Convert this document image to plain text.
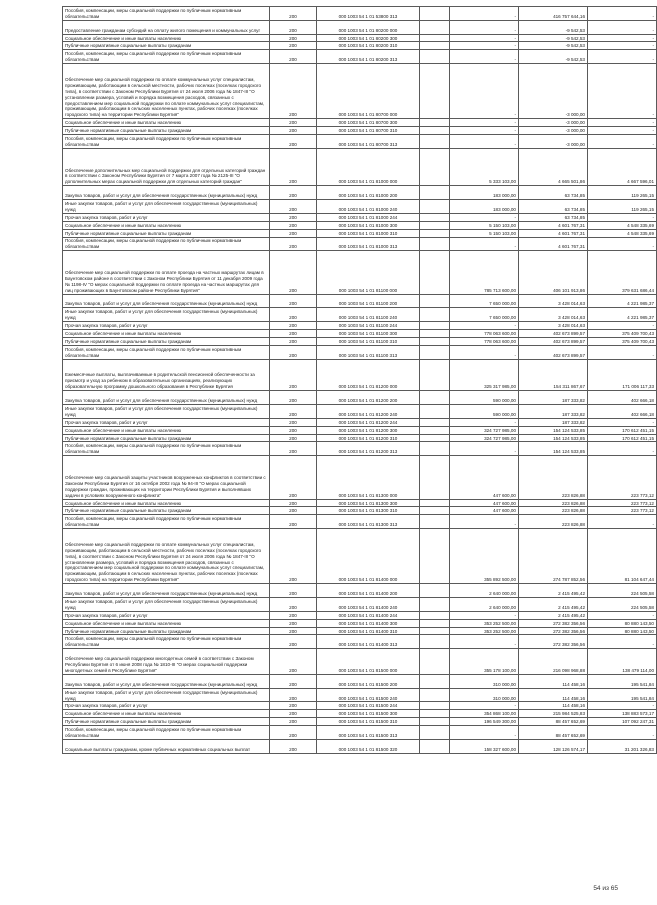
Пособия, компенсации, меры социальной поддержки по публичным нормативным обязательствам	200	000 1003 54 1 01 53800 313		-	416 757 644,16	-
Предоставление гражданам субсидий на оплату жилого помещения и коммунальных услуг	200	000 1003 54 1 01 80200 000		-	-9 542,53	-
Социальное обеспечение и иные выплаты населению	200	000 1003 54 1 01 80200 300		-	-9 542,53	-
Публичные нормативные социальные выплаты гражданам	200	000 1003 54 1 01 80200 310		-	-9 542,53	-
Пособия, компенсации, меры социальной поддержки по публичным нормативным обязательствам	200	000 1003 54 1 01 80200 313		-	-9 542,53	-
Обеспечение мер социальной поддержки по оплате коммунальных услуг специалистам, проживающим, работающим в сельской местности, рабочих поселках (поселках городского типа), в соответствии с Законом Республики Бурятия от 24 июля 2006 года № 1847-III "О установлении размера, условий и порядка возмещения расходов, связанных с предоставлением мер социальной поддержки по оплате коммунальных услуг специалистам, проживающим, работающим в сельских населенных пунктах, рабочих поселках (поселках городского типа) на территории Республики Бурятия"	200	000 1003 54 1 01 80700 000		-	-3 000,00	-
Социальное обеспечение и иные выплаты населению	200	000 1003 54 1 01 80700 300		-	-3 000,00	-
Публичные нормативные социальные выплаты гражданам	200	000 1003 54 1 01 80700 310		-	-3 000,00	-
Пособия, компенсации, меры социальной поддержки по публичным нормативным обязательствам	200	000 1003 54 1 01 80700 313		-	-3 000,00	-
Обеспечение дополнительных мер социальной поддержки для отдельных категорий граждан в соответствии с Законом Республики Бурятия от 7 марта 2007 года № 2125-III "О дополнительных мерах социальной поддержки для отдельных категорий граждан"	200	000 1003 54 1 01 81000 000		5 333 103,00	4 665 501,86	4 667 596,01
Закупка товаров, работ и услуг для обеспечения государственных (муниципальных) нужд	200	000 1003 54 1 01 81000 200		183 000,00	63 734,85	119 265,15
Иные закупки товаров, работ и услуг для обеспечения государственных (муниципальных) нужд	200	000 1003 54 1 01 81000 240		183 000,00	63 734,85	119 265,15
Прочая закупка товаров, работ и услуг	200	000 1003 54 1 01 81000 244		-	63 734,85	-
Социальное обеспечение и иные выплаты населению	200	000 1003 54 1 01 81000 300		5 150 103,00	4 601 767,31	4 548 335,69
Публичные нормативные социальные выплаты гражданам	200	000 1003 54 1 01 81000 310		5 150 103,00	4 601 767,31	4 548 335,69
Пособия, компенсации, меры социальной поддержки по публичным нормативным обязательствам	200	000 1003 54 1 01 81000 313		-	4 601 767,31	-
Обеспечение мер социальной поддержки по оплате проезда на частных маршрутах лицам в Баунтовском районе в соответствии с Законом Республики Бурятия от 11 декабря 2009 года № 1198-IV "О мерах социальной поддержки по оплате проезда на частных маршрутах для лиц проживающих в Баунтовском районе Республики Бурятия"	200	000 1003 54 1 01 81100 000		785 713 600,00	406 101 913,86	379 631 686,44
Закупка товаров, работ и услуг для обеспечения государственных (муниципальных) нужд	200	000 1003 54 1 01 81100 200		7 650 000,00	3 428 014,63	4 221 985,37
Иные закупки товаров, работ и услуг для обеспечения государственных (муниципальных) нужд	200	000 1003 54 1 01 81100 240		7 650 000,00	3 428 014,63	4 221 985,37
Прочая закупка товаров, работ и услуг	200	000 1003 54 1 01 81100 244		-	3 428 014,63	-
Социальное обеспечение и иные выплаты населению	200	000 1003 54 1 01 81100 300		778 063 600,00	402 673 899,57	375 409 700,43
Публичные нормативные социальные выплаты гражданам	200	000 1003 54 1 01 81100 310		778 063 600,00	402 673 899,57	375 409 700,43
Пособия, компенсации, меры социальной поддержки по публичным нормативным обязательствам	200	000 1003 54 1 01 81100 313		-	402 673 899,57	-
Ежемесячные выплаты, выплачиваемые в родительской пенсионной обеспеченности за присмотр и уход за ребенком в образовательных организациях, реализующих образовательную программу дошкольного образования в Республике Бурятия	200	000 1003 54 1 01 81200 000		325 317 985,00	154 311 867,67	171 006 117,33
Закупка товаров, работ и услуг для обеспечения государственных (муниципальных) нужд	200	000 1003 54 1 01 81200 200		590 000,00	187 333,82	402 666,18
Иные закупки товаров, работ и услуг для обеспечения государственных (муниципальных) нужд	200	000 1003 54 1 01 81200 240		590 000,00	187 333,82	402 666,18
Прочая закупка товаров, работ и услуг	200	000 1003 54 1 01 81200 244		-	187 333,82	-
Социальное обеспечение и иные выплаты населению	200	000 1003 54 1 01 81200 300		324 727 985,00	154 124 533,85	170 612 451,15
Публичные нормативные социальные выплаты гражданам	200	000 1003 54 1 01 81200 310		324 727 985,00	154 124 533,85	170 612 451,15
Пособия, компенсации, меры социальной поддержки по публичным нормативным обязательствам	200	000 1003 54 1 01 81200 313		-	154 124 533,85	-
Обеспечение мер социальной защиты участников вооруженных конфликтов в соответствии с Законом Республики Бурятия от 16 октября 2002 года № 94-III "О мерах социальной поддержки граждан, проживающих на территории Республики Бурятия и выполнявших задачи в условиях вооруженного конфликта"	200	000 1003 54 1 01 81300 000		447 600,00	223 826,88	223 773,12
Социальное обеспечение и иные выплаты населению	200	000 1003 54 1 01 81300 300		447 600,00	223 826,88	223 773,12
Публичные нормативные социальные выплаты гражданам	200	000 1003 54 1 01 81300 310		447 600,00	223 826,88	223 773,12
Пособия, компенсации, меры социальной поддержки по публичным нормативным обязательствам	200	000 1003 54 1 01 81300 313		-	223 826,88	-
Обеспечение мер социальной поддержки по оплате коммунальных услуг специалистам, проживающим, работающим в сельской местности, рабочих поселках (поселках городского типа), в соответствии с Законом Республики Бурятия от 24 июля 2006 года № 1847-III "О установлении размера, условий и порядка возмещения расходов, связанных с предоставлением мер социальной поддержки по оплате коммунальных услуг специалистам, проживающим, работающим в сельских населенных пунктах, рабочих поселках (поселках городского типа) на территории Республики Бурятия"	200	000 1003 54 1 01 81400 000		355 892 500,00	274 787 852,56	81 104 647,44
Закупка товаров, работ и услуг для обеспечения государственных (муниципальных) нужд	200	000 1003 54 1 01 81400 200		2 640 000,00	2 415 495,42	224 505,58
Иные закупки товаров, работ и услуг для обеспечения государственных (муниципальных) нужд	200	000 1003 54 1 01 81400 240		2 640 000,00	2 415 495,42	224 505,58
Прочая закупка товаров, работ и услуг	200	000 1003 54 1 01 81400 244		-	2 415 495,42	-
Социальное обеспечение и иные выплаты населению	200	000 1003 54 1 01 81400 300		353 252 500,00	272 382 356,56	80 880 143,50
Публичные нормативные социальные выплаты гражданам	200	000 1003 54 1 01 81400 310		353 252 500,00	272 382 356,56	80 880 143,50
Пособия, компенсации, меры социальной поддержки по публичным нормативным обязательствам	200	000 1003 54 1 01 81400 313		-	272 382 356,56	-
Обеспечение мер социальной поддержки многодетных семей в соответствии с Законом Республики Бурятия от 6 июня 2008 года № 1810-III "О мерах социальной поддержки многодетных семей в Республике Бурятия"	200	000 1003 54 1 01 81500 000		355 178 100,00	216 098 968,88	138 479 114,00
Закупка товаров, работ и услуг для обеспечения государственных (муниципальных) нужд	200	000 1003 54 1 01 81500 200		310 000,00	114 458,16	195 541,84
Иные закупки товаров, работ и услуг для обеспечения государственных (муниципальных) нужд	200	000 1003 54 1 01 81500 240		310 000,00	114 458,16	195 541,84
Прочая закупка товаров, работ и услуг	200	000 1003 54 1 01 81500 244		-	114 458,16	-
Социальное обеспечение и иные выплаты населению	200	000 1003 54 1 01 81500 300		354 868 100,00	215 984 525,83	138 883 573,17
Публичные нормативные социальные выплаты гражданам	200	000 1003 54 1 01 81500 310		196 549 300,00	88 457 652,69	107 092 247,31
Пособия, компенсации, меры социальной поддержки по публичным нормативным обязательствам	200	000 1003 54 1 01 81500 313		-	88 457 652,69	-
Социальные выплаты гражданам, кроме публичных нормативных социальных выплат	200	000 1003 54 1 01 81500 320		158 327 600,00	128 126 574,17	31 201 326,83
54 из 65
